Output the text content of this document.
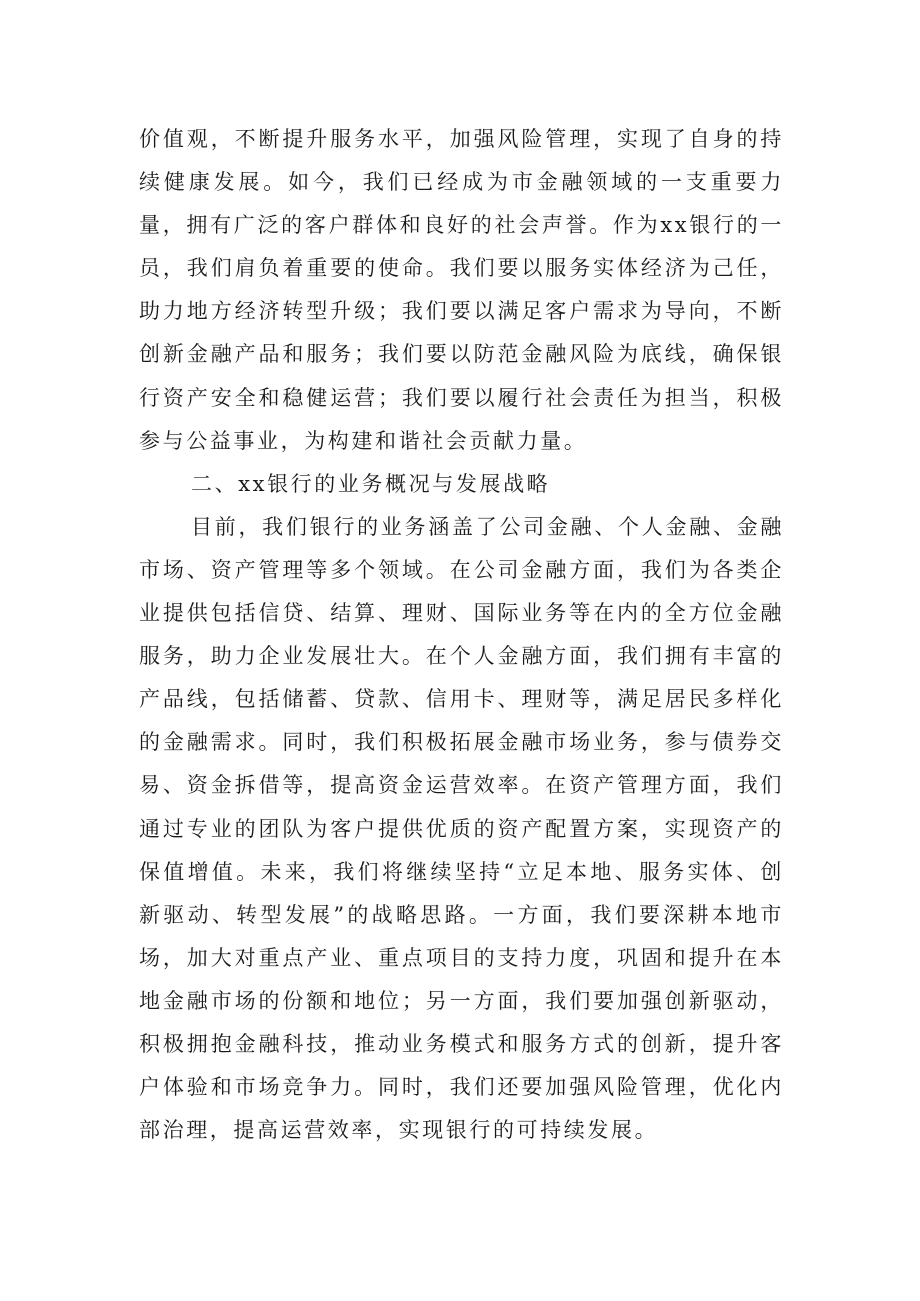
价值观，不断提升服务水平，加强风险管理，实现了自身的持续健康发展。如今，我们已经成为市金融领域的一支重要力量，拥有广泛的客户群体和良好的社会声誉。作为xx银行的一员，我们肩负着重要的使命。我们要以服务实体经济为己任，助力地方经济转型升级；我们要以满足客户需求为导向，不断创新金融产品和服务；我们要以防范金融风险为底线，确保银行资产安全和稳健运营；我们要以履行社会责任为担当，积极参与公益事业，为构建和谐社会贡献力量。

二、xx银行的业务概况与发展战略

目前，我们银行的业务涵盖了公司金融、个人金融、金融市场、资产管理等多个领域。在公司金融方面，我们为各类企业提供包括信贷、结算、理财、国际业务等在内的全方位金融服务，助力企业发展壮大。在个人金融方面，我们拥有丰富的产品线，包括储蓄、贷款、信用卡、理财等，满足居民多样化的金融需求。同时，我们积极拓展金融市场业务，参与债券交易、资金拆借等，提高资金运营效率。在资产管理方面，我们通过专业的团队为客户提供优质的资产配置方案，实现资产的保值增值。未来，我们将继续坚持“立足本地、服务实体、创新驱动、转型发展”的战略思路。一方面，我们要深耕本地市场，加大对重点产业、重点项目的支持力度，巩固和提升在本地金融市场的份额和地位；另一方面，我们要加强创新驱动，积极拥抱金融科技，推动业务模式和服务方式的创新，提升客户体验和市场竞争力。同时，我们还要加强风险管理，优化内部治理，提高运营效率，实现银行的可持续发展。
